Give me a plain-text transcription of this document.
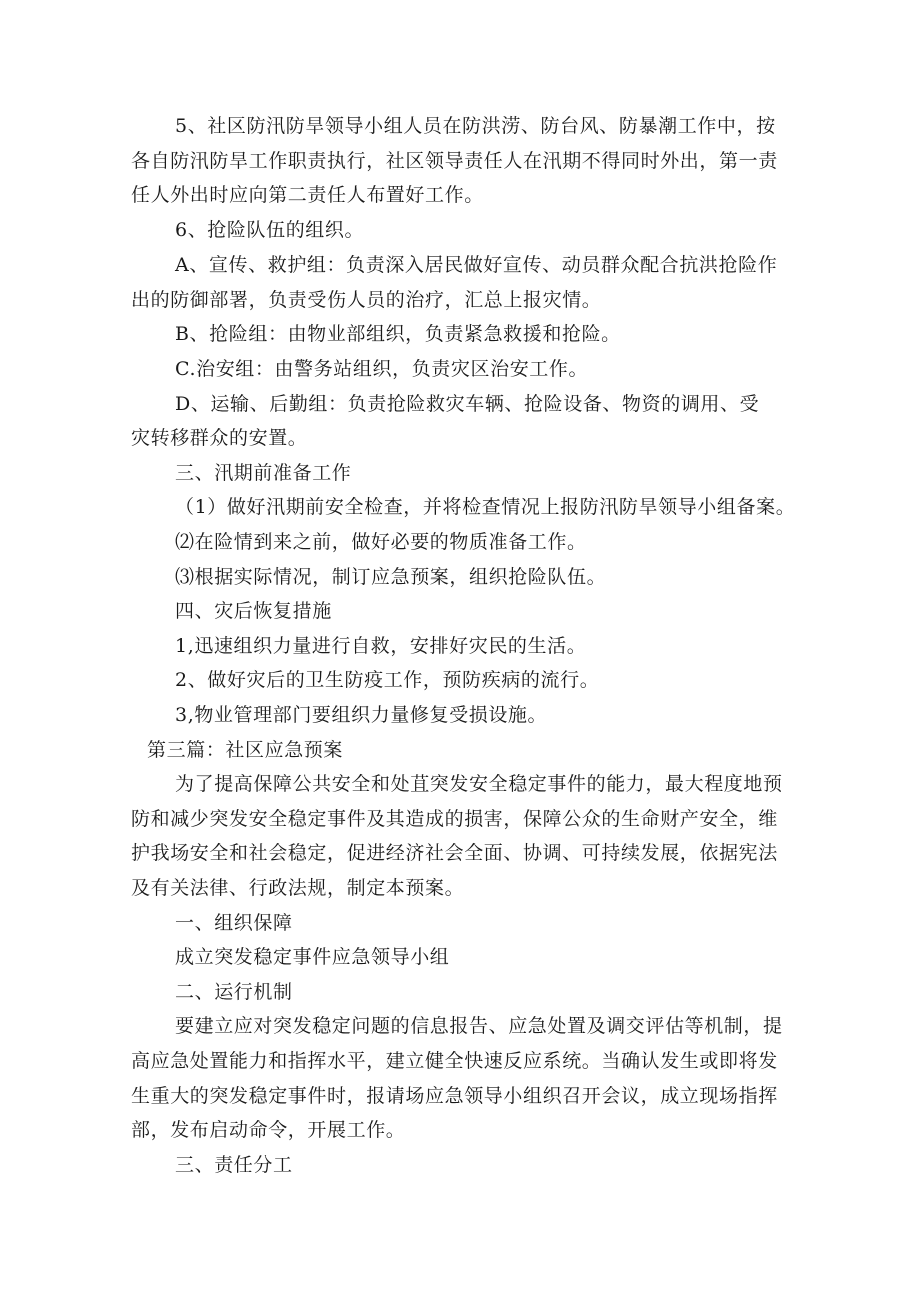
5、社区防汛防旱领导小组人员在防洪涝、防台风、防暴潮工作中，按
各自防汛防旱工作职责执行，社区领导责任人在汛期不得同时外出，第一责
任人外出时应向第二责任人布置好工作。
6、抢险队伍的组织。
A、宣传、救护组：负责深入居民做好宣传、动员群众配合抗洪抢险作
出的防御部署，负责受伤人员的治疗，汇总上报灾情。
B、抢险组：由物业部组织，负责紧急救援和抢险。
C.治安组：由警务站组织，负责灾区治安工作。
D、运输、后勤组：负责抢险救灾车辆、抢险设备、物资的调用、受
灾转移群众的安置。
三、汛期前准备工作
（1）做好汛期前安全检查，并将检查情况上报防汛防旱领导小组备案。
⑵在险情到来之前，做好必要的物质准备工作。
⑶根据实际情况，制订应急预案，组织抢险队伍。
四、灾后恢复措施
1,迅速组织力量进行自救，安排好灾民的生活。
2、做好灾后的卫生防疫工作，预防疾病的流行。
3,物业管理部门要组织力量修复受损设施。
第三篇：社区应急预案
为了提高保障公共安全和处苴突发安全稳定事件的能力，最大程度地预
防和减少突发安全稳定事件及其造成的损害，保障公众的生命财产安全，维
护我场安全和社会稳定，促进经济社会全面、协调、可持续发展，依据宪法
及有关法律、行政法规，制定本预案。
一、组织保障
成立突发稳定事件应急领导小组
二、运行机制
要建立应对突发稳定问题的信息报告、应急处置及调交评估等机制，提
高应急处置能力和指挥水平，建立健全快速反应系统。当确认发生或即将发
生重大的突发稳定事件时，报请场应急领导小组织召开会议，成立现场指挥
部，发布启动命令，开展工作。
三、责任分工
